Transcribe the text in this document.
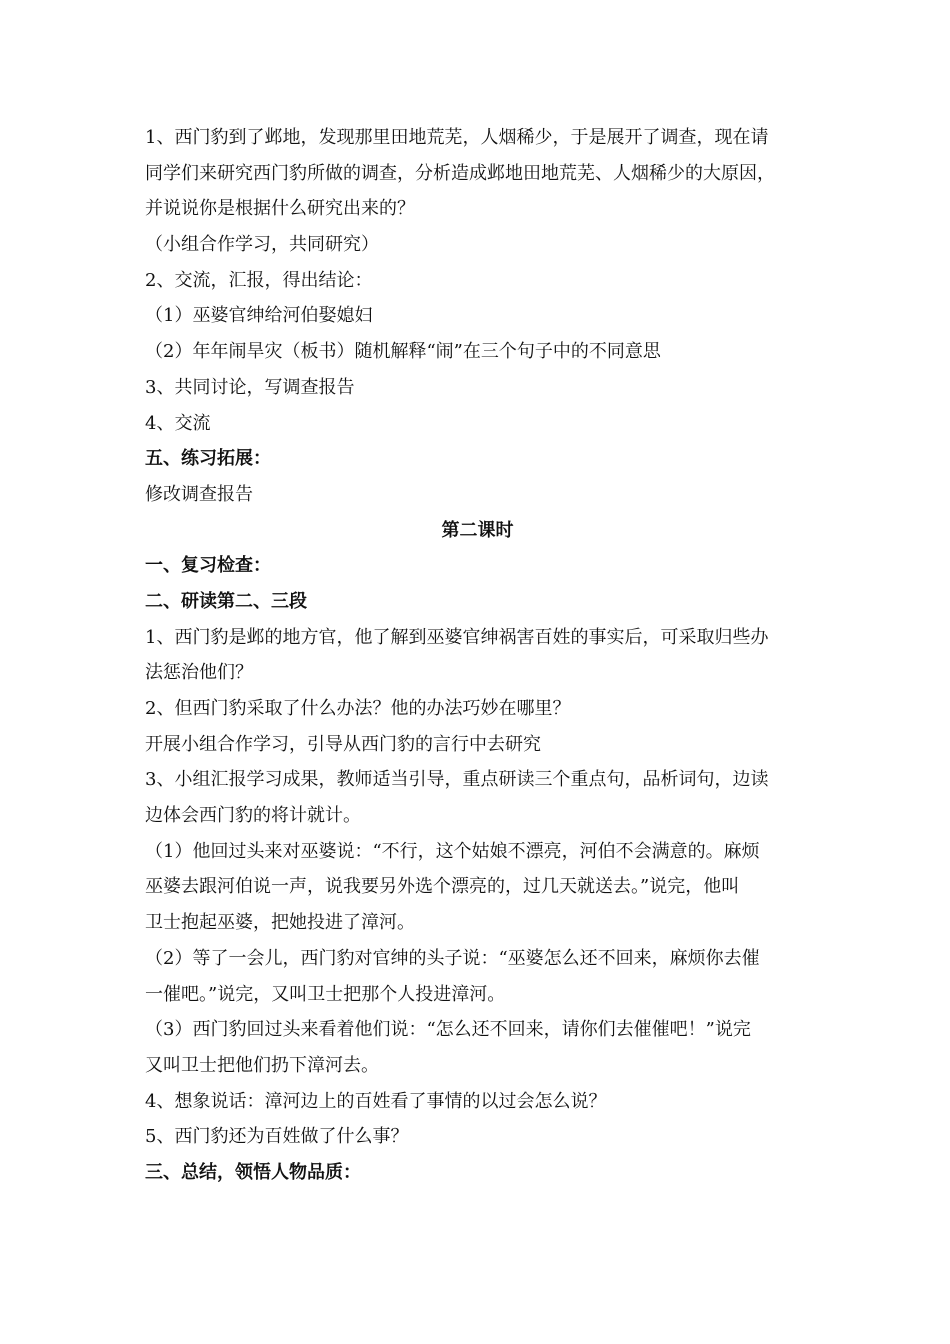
1、西门豹到了邺地，发现那里田地荒芜，人烟稀少，于是展开了调查，现在请
同学们来研究西门豹所做的调查，分析造成邺地田地荒芜、人烟稀少的大原因，
并说说你是根据什么研究出来的？
（小组合作学习，共同研究）
2、交流，汇报，得出结论：
（1）巫婆官绅给河伯娶媳妇
（2）年年闹旱灾（板书）随机解释“闹”在三个句子中的不同意思
3、共同讨论，写调查报告
4、交流
五、练习拓展：
修改调查报告
第二课时
一、复习检查：
二、研读第二、三段
1、西门豹是邺的地方官，他了解到巫婆官绅祸害百姓的事实后，可采取归些办
法惩治他们？
2、但西门豹采取了什么办法？他的办法巧妙在哪里？
开展小组合作学习，引导从西门豹的言行中去研究
3、小组汇报学习成果，教师适当引导，重点研读三个重点句，品析词句，边读
边体会西门豹的将计就计。
（1）他回过头来对巫婆说：“不行，这个姑娘不漂亮，河伯不会满意的。麻烦
巫婆去跟河伯说一声，说我要另外选个漂亮的，过几天就送去。”说完，他叫
卫士抱起巫婆，把她投进了漳河。
（2）等了一会儿，西门豹对官绅的头子说：“巫婆怎么还不回来，麻烦你去催
一催吧。”说完，又叫卫士把那个人投进漳河。
（3）西门豹回过头来看着他们说：“怎么还不回来，请你们去催催吧！”说完
又叫卫士把他们扔下漳河去。
4、想象说话：漳河边上的百姓看了事情的以过会怎么说？
5、西门豹还为百姓做了什么事？
三、总结，领悟人物品质：
